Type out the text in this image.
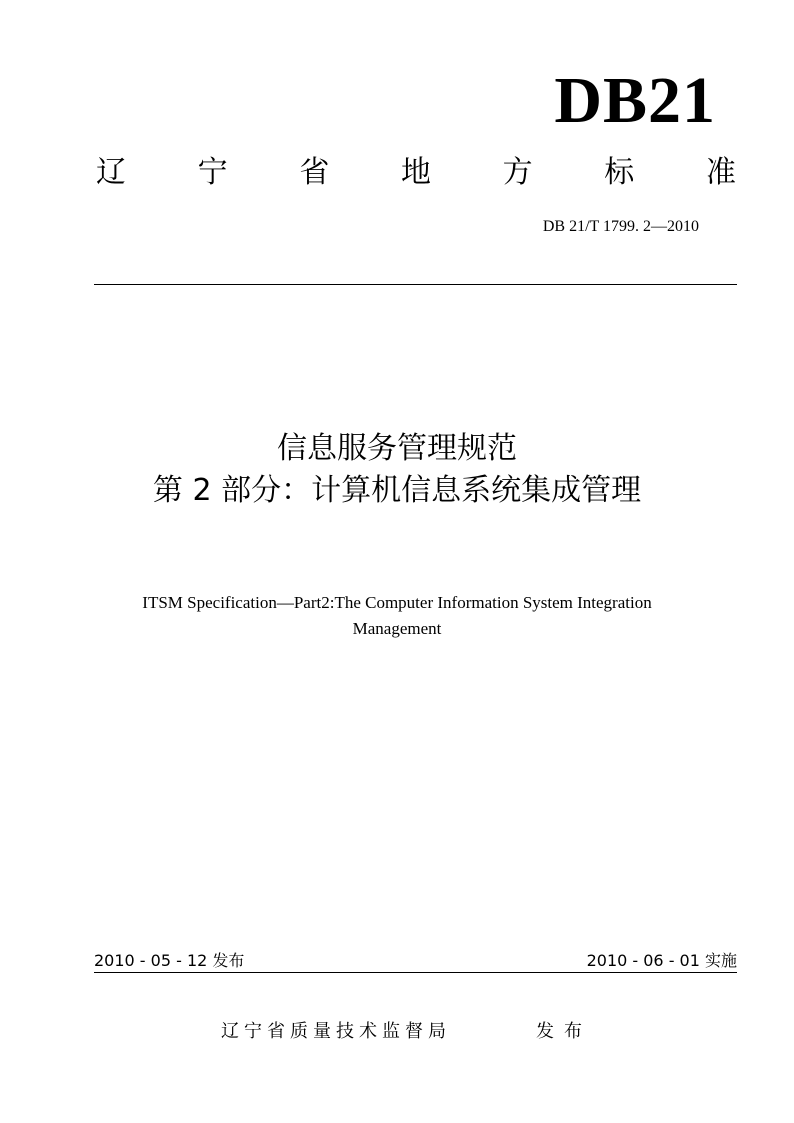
DB21
辽 宁 省 地 方 标 准
DB 21/T 1799. 2—2010
信息服务管理规范
第 2 部分：计算机信息系统集成管理
ITSM Specification—Part2:The Computer Information System Integration Management
2010 - 05 - 12 发布	2010 - 06 - 01 实施
辽宁省质量技术监督局	发布
